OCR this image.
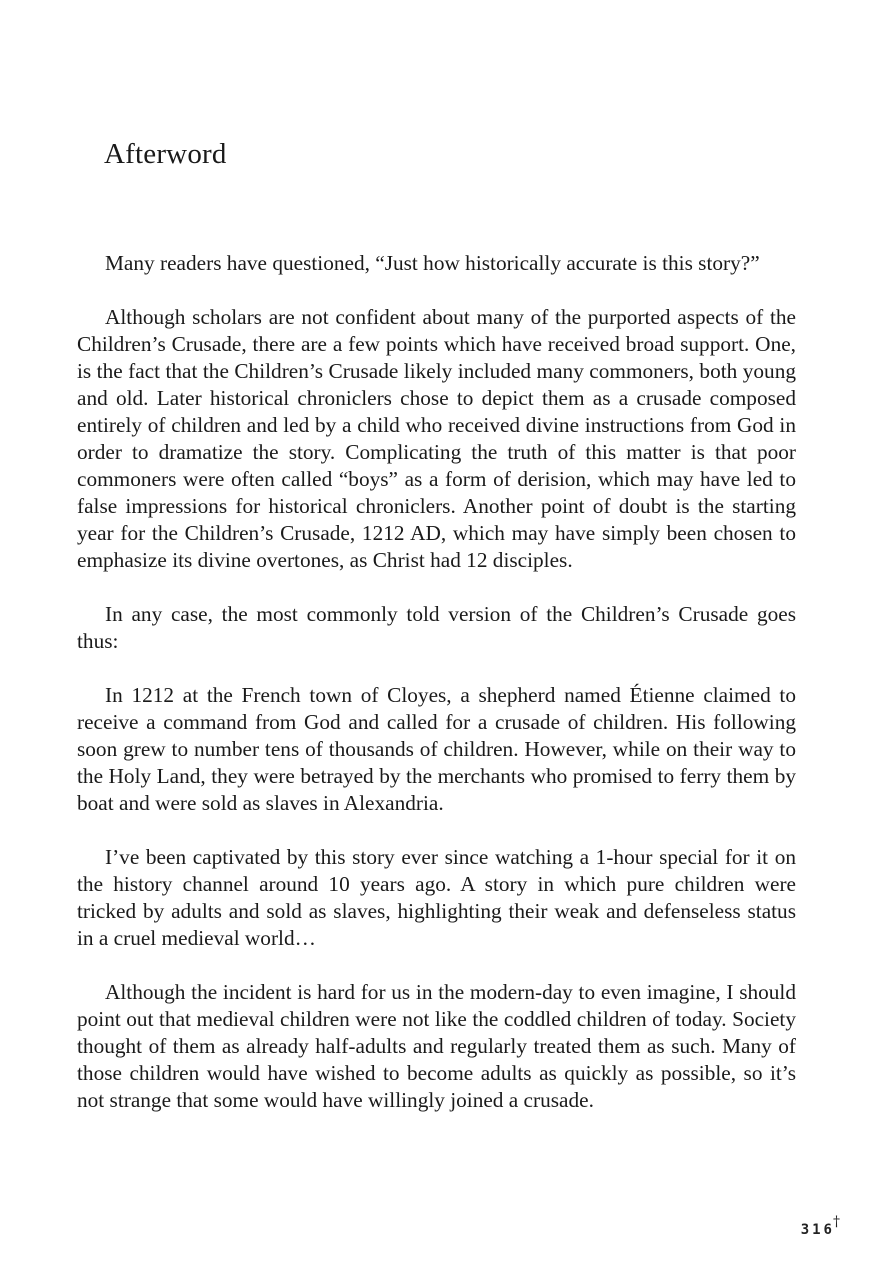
Afterword

Many readers have questioned, “Just how historically accurate is this story?”

Although scholars are not confident about many of the purported aspects of the Children’s Crusade, there are a few points which have received broad support. One, is the fact that the Children’s Crusade likely included many commoners, both young and old. Later historical chroniclers chose to depict them as a crusade composed entirely of children and led by a child who received divine instructions from God in order to dramatize the story. Complicating the truth of this matter is that poor commoners were often called “boys” as a form of derision, which may have led to false impressions for historical chroniclers. Another point of doubt is the starting year for the Children’s Crusade, 1212 AD, which may have simply been chosen to emphasize its divine overtones, as Christ had 12 disciples.

In any case, the most commonly told version of the Children’s Crusade goes thus:

In 1212 at the French town of Cloyes, a shepherd named Étienne claimed to receive a command from God and called for a crusade of children. His following soon grew to number tens of thousands of children. However, while on their way to the Holy Land, they were betrayed by the merchants who promised to ferry them by boat and were sold as slaves in Alexandria.

I’ve been captivated by this story ever since watching a 1-hour special for it on the history channel around 10 years ago. A story in which pure children were tricked by adults and sold as slaves, highlighting their weak and defenseless status in a cruel medieval world…

Although the incident is hard for us in the modern-day to even imagine, I should point out that medieval children were not like the coddled children of today. Society thought of them as already half-adults and regularly treated them as such. Many of those children would have wished to become adults as quickly as possible, so it’s not strange that some would have willingly joined a crusade.

316†
